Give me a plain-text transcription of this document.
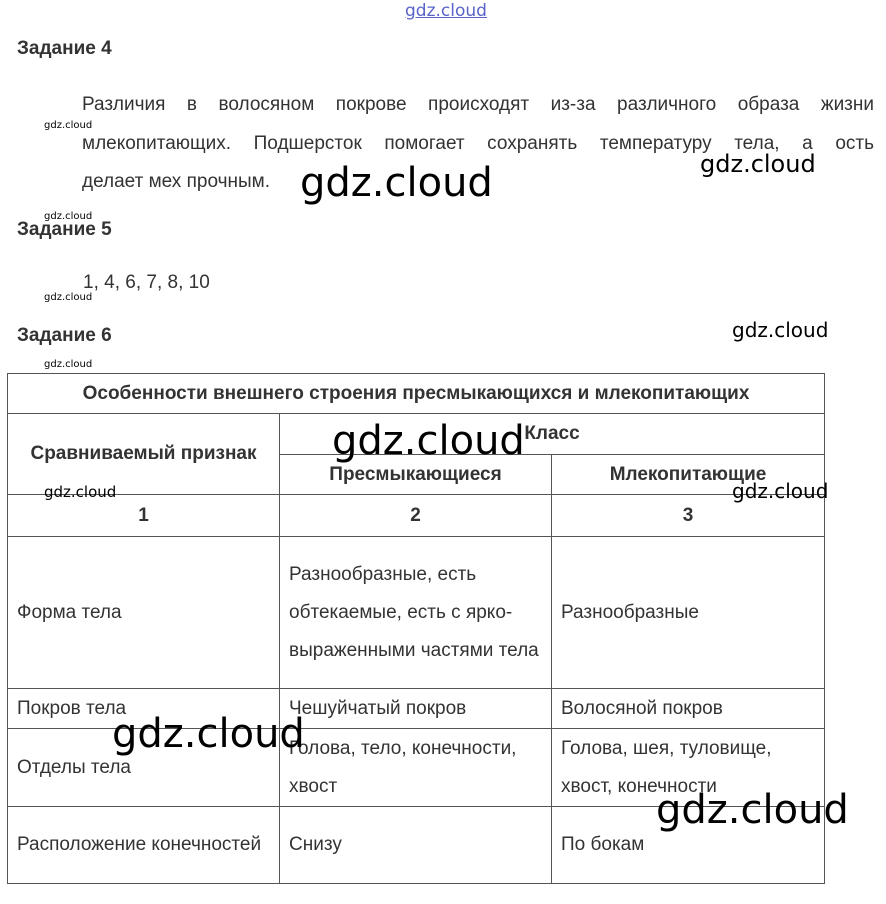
gdz.cloud
Задание 4
Различия в волосяном покрове происходят из-за различного образа жизни
млекопитающих. Подшерсток помогает сохранять температуру тела, а ость
делает мех прочным.
Задание 5
1, 4, 6, 7, 8, 10
Задание 6
Особенности внешнего строения пресмыкающихся и млекопитающих		
Сравниваемый признак	Класс	
	Пресмыкающиеся	Млекопитающие
1	2	3
Форма тела	Разнообразные, есть обтекаемые, есть с ярко-выраженными частями тела	Разнообразные
Покров тела	Чешуйчатый покров	Волосяной покров
Отделы тела	Голова, тело, конечности, хвост	Голова, шея, туловище, хвост, конечности
Расположение конечностей	Снизу	По бокам
gdz.cloud
gdz.cloud
gdz.cloud
gdz.cloud
gdz.cloud
gdz.cloud
gdz.cloud
gdz.cloud
gdz.cloud
gdz.cloud
gdz.cloud
gdz.cloud
